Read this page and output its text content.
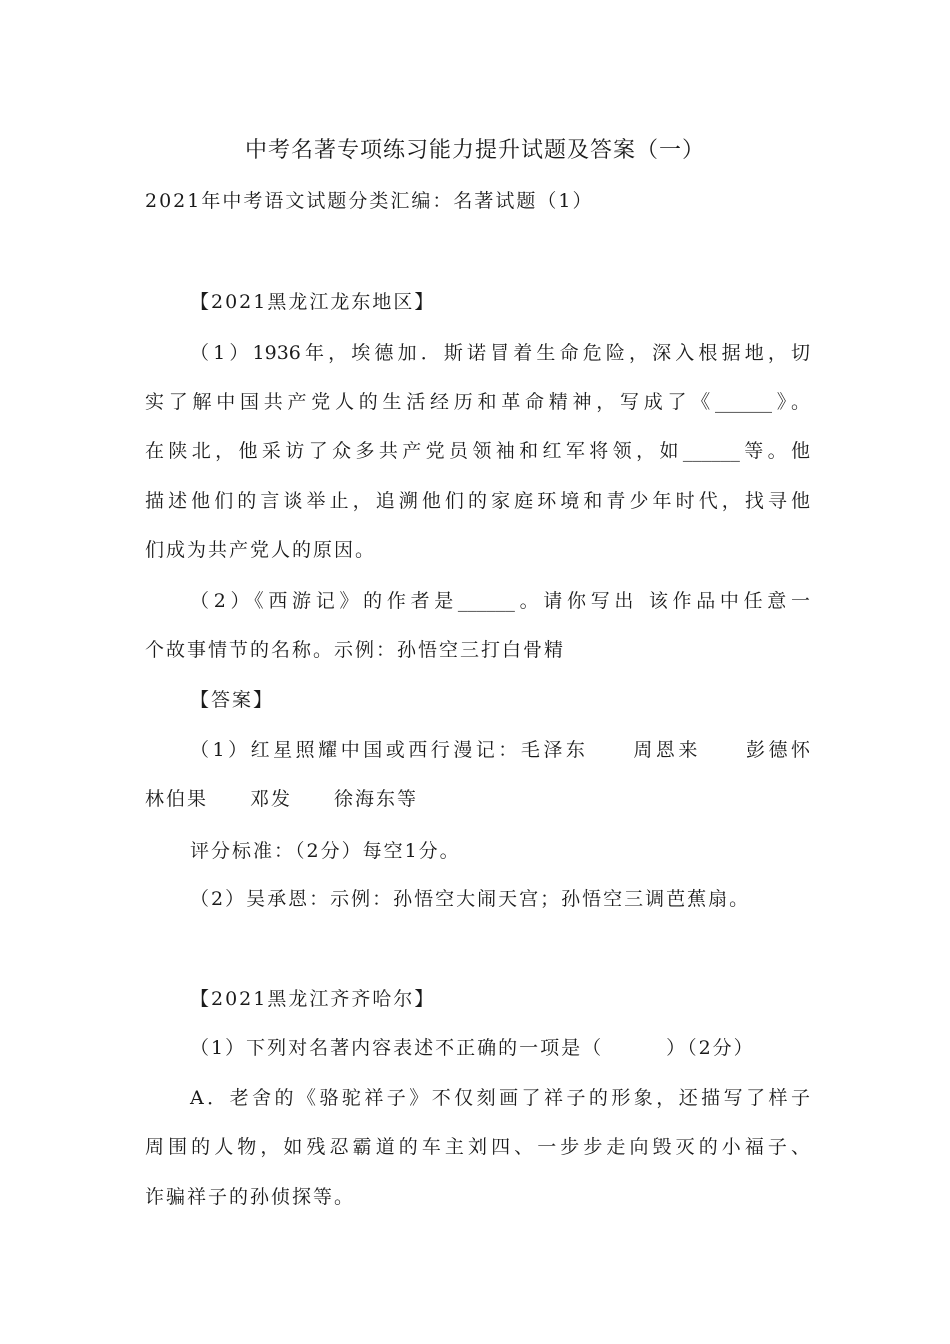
中考名著专项练习能力提升试题及答案（一）

2021年中考语文试题分类汇编：名著试题（1）

【2021黑龙江龙东地区】

（1）1936年，埃德加．斯诺冒着生命危险，深入根据地，切

实了解中国共产党人的生活经历和革命精神，写成了《______》。

在陕北，他采访了众多共产党员领袖和红军将领，如______等。他

描述他们的言谈举止，追溯他们的家庭环境和青少年时代，找寻他

们成为共产党人的原因。

（2）《西游记》的作者是______。请你写出 该作品中任意一

个故事情节的名称。示例：孙悟空三打白骨精

【答案】

（1）红星照耀中国或西行漫记：毛泽东　　周恩来　　彭德怀

林伯果　　邓发　　徐海东等

评分标准：（2分）每空1分。

（2）吴承恩：示例：孙悟空大闹天宫；孙悟空三调芭蕉扇。

【2021黑龙江齐齐哈尔】

（1）下列对名著内容表述不正确的一项是（　　　）（2分）

A．老舍的《骆驼祥子》不仅刻画了祥子的形象，还描写了样子

周围的人物，如残忍霸道的车主刘四、一步步走向毁灭的小福子、

诈骗祥子的孙侦探等。
